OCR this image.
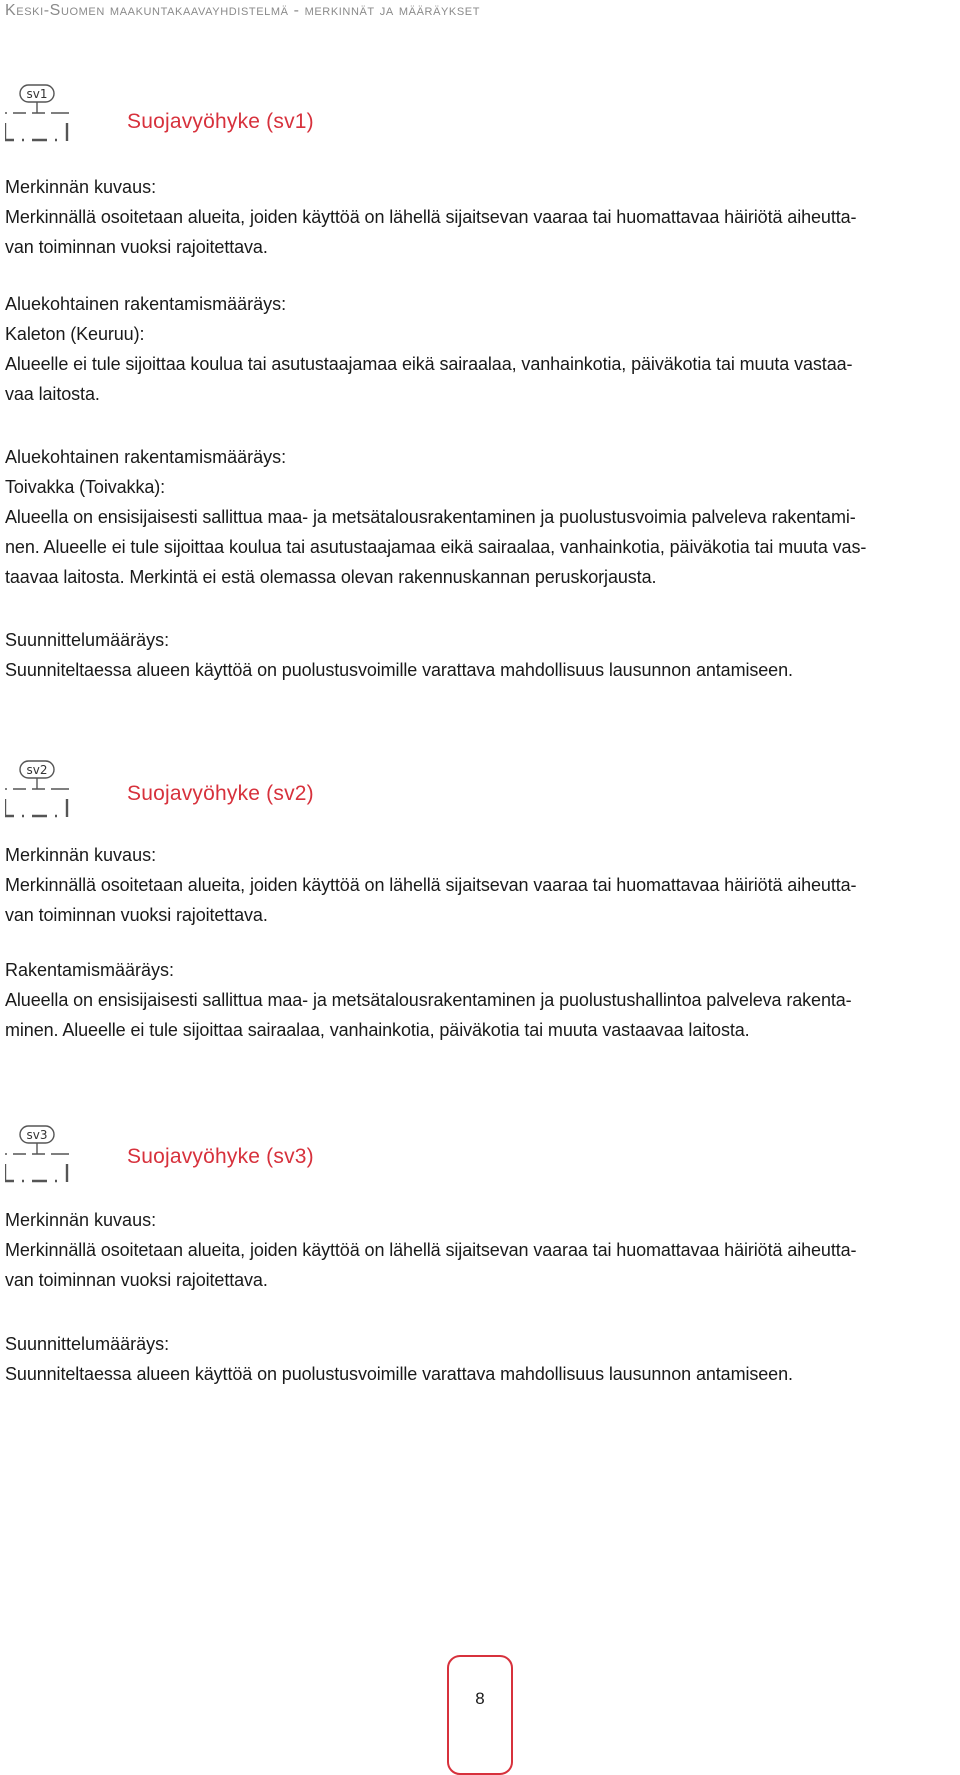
Keski-Suomen maakuntakaavayhdistelmä - merkinnät ja määräykset
sv1
Suojavyöhyke (sv1)

Merkinnän kuvaus:

Merkinnällä osoitetaan alueita, joiden käyttöä on lähellä sijaitsevan vaaraa tai huomattavaa häiriötä aiheutta-

van toiminnan vuoksi rajoitettava.

Aluekohtainen rakentamismääräys:

Kaleton (Keuruu):

Alueelle ei tule sijoittaa koulua tai asutustaajamaa eikä sairaalaa, vanhainkotia, päiväkotia tai muuta vastaa-

vaa laitosta.

Aluekohtainen rakentamismääräys:

Toivakka (Toivakka):

Alueella on ensisijaisesti sallittua maa- ja metsätalousrakentaminen ja puolustusvoimia palveleva rakentami-

nen. Alueelle ei tule sijoittaa koulua tai asutustaajamaa eikä sairaalaa, vanhainkotia, päiväkotia tai muuta vas-

taavaa laitosta. Merkintä ei estä olemassa olevan rakennuskannan peruskorjausta.

Suunnittelumääräys:

Suunniteltaessa alueen käyttöä on puolustusvoimille varattava mahdollisuus lausunnon antamiseen.

sv2
Suojavyöhyke (sv2)

Merkinnän kuvaus:

Merkinnällä osoitetaan alueita, joiden käyttöä on lähellä sijaitsevan vaaraa tai huomattavaa häiriötä aiheutta-

van toiminnan vuoksi rajoitettava.

Rakentamismääräys:

Alueella on ensisijaisesti sallittua maa- ja metsätalousrakentaminen ja puolustushallintoa palveleva rakenta-

minen. Alueelle ei tule sijoittaa sairaalaa, vanhainkotia, päiväkotia tai muuta vastaavaa laitosta.

sv3
Suojavyöhyke (sv3)

Merkinnän kuvaus:

Merkinnällä osoitetaan alueita, joiden käyttöä on lähellä sijaitsevan vaaraa tai huomattavaa häiriötä aiheutta-

van toiminnan vuoksi rajoitettava.

Suunnittelumääräys:

Suunniteltaessa alueen käyttöä on puolustusvoimille varattava mahdollisuus lausunnon antamiseen.

8
